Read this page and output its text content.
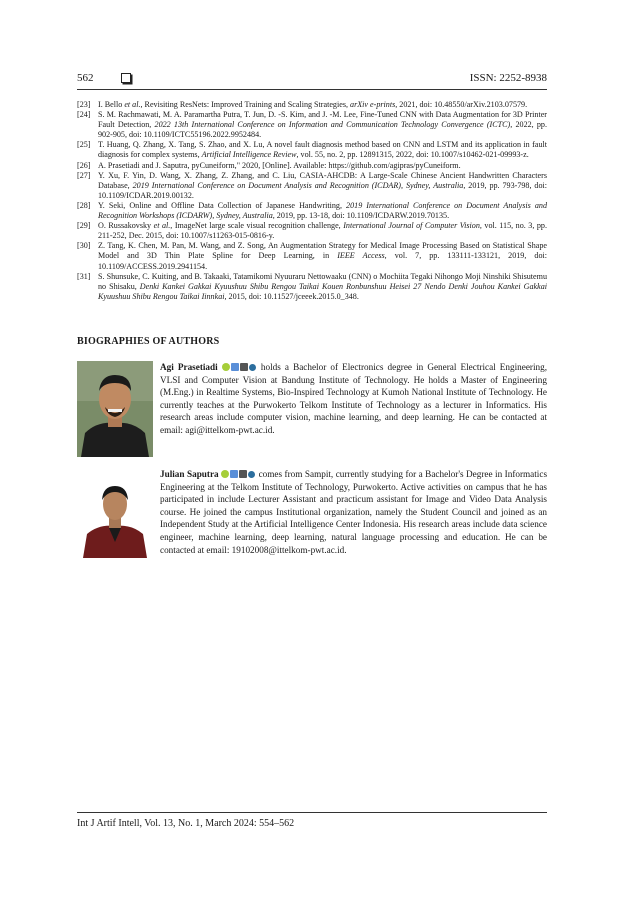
562	ISSN: 2252-8938
[23] I. Bello et al., Revisiting ResNets: Improved Training and Scaling Strategies, arXiv e-prints, 2021, doi: 10.48550/arXiv.2103.07579.
[24] S. M. Rachmawati, M. A. Paramartha Putra, T. Jun, D. -S. Kim, and J. -M. Lee, Fine-Tuned CNN with Data Augmentation for 3D Printer Fault Detection, 2022 13th International Conference on Information and Communication Technology Convergence (ICTC), 2022, pp. 902-905, doi: 10.1109/ICTC55196.2022.9952484.
[25] T. Huang, Q. Zhang, X. Tang, S. Zhao, and X. Lu, A novel fault diagnosis method based on CNN and LSTM and its application in fault diagnosis for complex systems, Artificial Intelligence Review, vol. 55, no. 2, pp. 12891315, 2022, doi: 10.1007/s10462-021-09993-z.
[26] A. Prasetiadi and J. Saputra, pyCuneiform," 2020, [Online]. Available: https://github.com/agipras/pyCuneiform.
[27] Y. Xu, F. Yin, D. Wang, X. Zhang, Z. Zhang, and C. Liu, CASIA-AHCDB: A Large-Scale Chinese Ancient Handwritten Characters Database, 2019 International Conference on Document Analysis and Recognition (ICDAR), Sydney, Australia, 2019, pp. 793-798, doi: 10.1109/ICDAR.2019.00132.
[28] Y. Seki, Online and Offline Data Collection of Japanese Handwriting, 2019 International Conference on Document Analysis and Recognition Workshops (ICDARW), Sydney, Australia, 2019, pp. 13-18, doi: 10.1109/ICDARW.2019.70135.
[29] O. Russakovsky et al., ImageNet large scale visual recognition challenge, International Journal of Computer Vision, vol. 115, no. 3, pp. 211-252, Dec. 2015, doi: 10.1007/s11263-015-0816-y.
[30] Z. Tang, K. Chen, M. Pan, M. Wang, and Z. Song, An Augmentation Strategy for Medical Image Processing Based on Statistical Shape Model and 3D Thin Plate Spline for Deep Learning, in IEEE Access, vol. 7, pp. 133111-133121, 2019, doi: 10.1109/ACCESS.2019.2941154.
[31] S. Shunsuke, C. Kuiting, and B. Takaaki, Tatamikomi Nyuuraru Nettowaaku (CNN) o Mochiita Tegaki Nihongo Moji Ninshiki Shisutemu no Shisaku, Denki Kankei Gakkai Kyuushuu Shibu Rengou Taikai Kouen Ronbunshuu Heisei 27 Nendo Denki Jouhou Kankei Gakkai Kyuushuu Shibu Rengou Taikai Iinnkai, 2015, doi: 10.11527/jceeek.2015.0_348.
BIOGRAPHIES OF AUTHORS
Agi Prasetiadi	holds a Bachelor of Electronics degree in General Electrical Engineering, VLSI and Computer Vision at Bandung Institute of Technology. He holds a Master of Engineering (M.Eng.) in Realtime Systems, Bio-Inspired Technology at Kumoh National Institute of Technology. He currently teaches at the Purwokerto Telkom Institute of Technology as a lecturer in Informatics. His research areas include computer vision, machine learning, and deep learning. He can be contacted at email: agi@ittelkom-pwt.ac.id.
Julian Saputra	comes from Sampit, currently studying for a Bachelor's Degree in Informatics Engineering at the Telkom Institute of Technology, Purwokerto. Active activities on campus that he has participated in include Lecturer Assistant and practicum assistant for Image and Video Data Analysis course. He joined the campus Institutional organization, namely the Student Council and joined as an Independent Study at the Artificial Intelligence Center Indonesia. His research areas include data science engineer, machine learning, deep learning, natural language processing and education. He can be contacted at email: 19102008@ittelkom-pwt.ac.id.
Int J Artif Intell, Vol. 13, No. 1, March 2024: 554–562
